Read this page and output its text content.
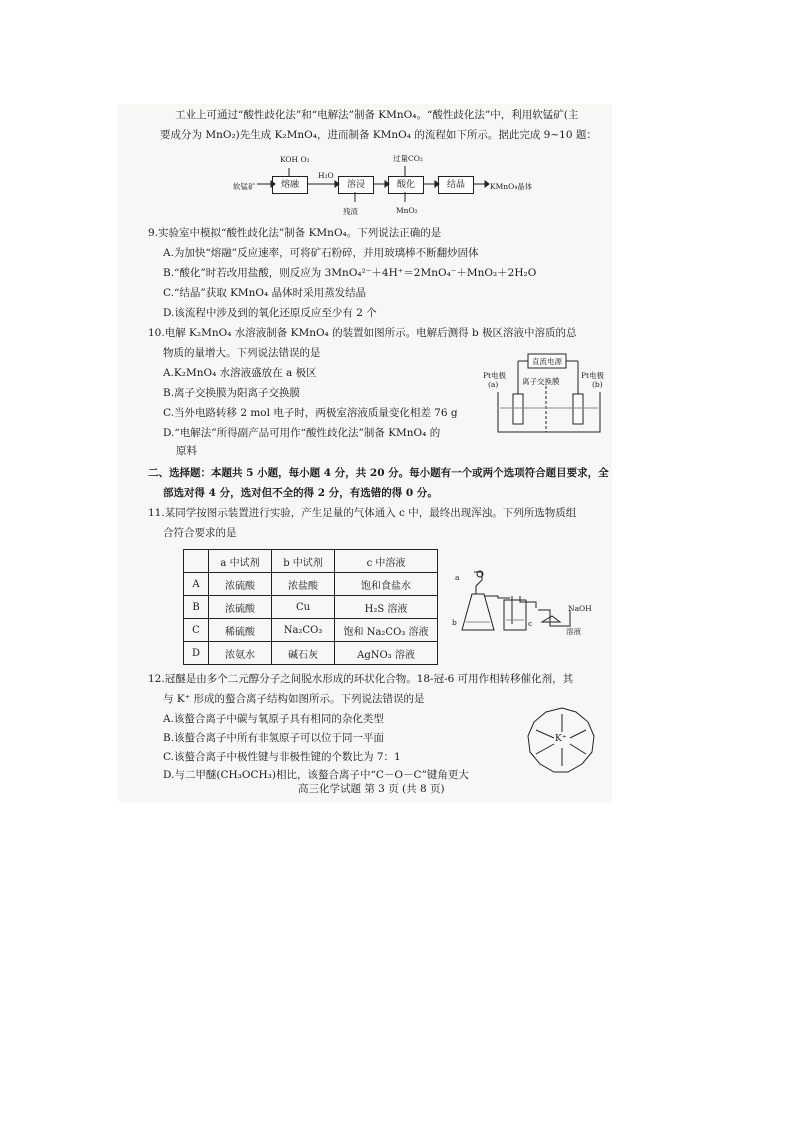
工业上可通过“酸性歧化法”和“电解法”制备 KMnO₄。“酸性歧化法”中，利用软锰矿(主
要成分为 MnO₂)先生成 K₂MnO₄，进而制备 KMnO₄ 的流程如下所示。据此完成 9~10 题：
软锰矿
KOH O₂
熔融
H₂O
溶浸
残渣
过量CO₂
酸化
MnO₂
结晶	KMnO₄晶体
9.实验室中模拟“酸性歧化法”制备 KMnO₄。下列说法正确的是
A.为加快“熔融”反应速率，可将矿石粉碎，并用玻璃棒不断翻炒固体
B.“酸化”时若改用盐酸，则反应为 3MnO₄²⁻＋4H⁺＝2MnO₄⁻＋MnO₂＋2H₂O
C.“结晶”获取 KMnO₄ 晶体时采用蒸发结晶
D.该流程中涉及到的氧化还原反应至少有 2 个
10.电解 K₂MnO₄ 水溶液制备 KMnO₄ 的装置如图所示。电解后测得 b 极区溶液中溶质的总
物质的量增大。下列说法错误的是
A.K₂MnO₄ 水溶液盛放在 a 极区
B.离子交换膜为阳离子交换膜
C.当外电路转移 2 mol 电子时，两极室溶液质量变化相差 76 g
D.“电解法”所得副产品可用作“酸性歧化法”制备 KMnO₄ 的
原料
直流电源
Pt电极
(a)	离子交换膜
Pt电极
(b)
二、选择题：本题共 5 小题，每小题 4 分，共 20 分。每小题有一个或两个选项符合题目要求，全
部选对得 4 分，选对但不全的得 2 分，有选错的得 0 分。
11.某同学按图示装置进行实验，产生足量的气体通入 c 中，最终出现浑浊。下列所选物质组
合符合要求的是
	a 中试剂	b 中试剂	c 中溶液
A	浓硫酸	浓盐酸	饱和食盐水
B	浓硫酸	Cu	H₂S 溶液
C	稀硫酸	Na₂CO₃	饱和 Na₂CO₃ 溶液
D	浓氨水	碱石灰	AgNO₃ 溶液
a
b	c
NaOH
溶液
12.冠醚是由多个二元醇分子之间脱水形成的环状化合物。18-冠-6 可用作相转移催化剂，其
与 K⁺ 形成的螯合离子结构如图所示。下列说法错误的是
A.该螯合离子中碳与氧原子具有相同的杂化类型
B.该螯合离子中所有非氢原子可以位于同一平面
C.该螯合离子中极性键与非极性键的个数比为 7：1
D.与二甲醚(CH₃OCH₃)相比，该螯合离子中“C－O－C”键角更大
K⁺
高三化学试题 第 3 页 (共 8 页)
